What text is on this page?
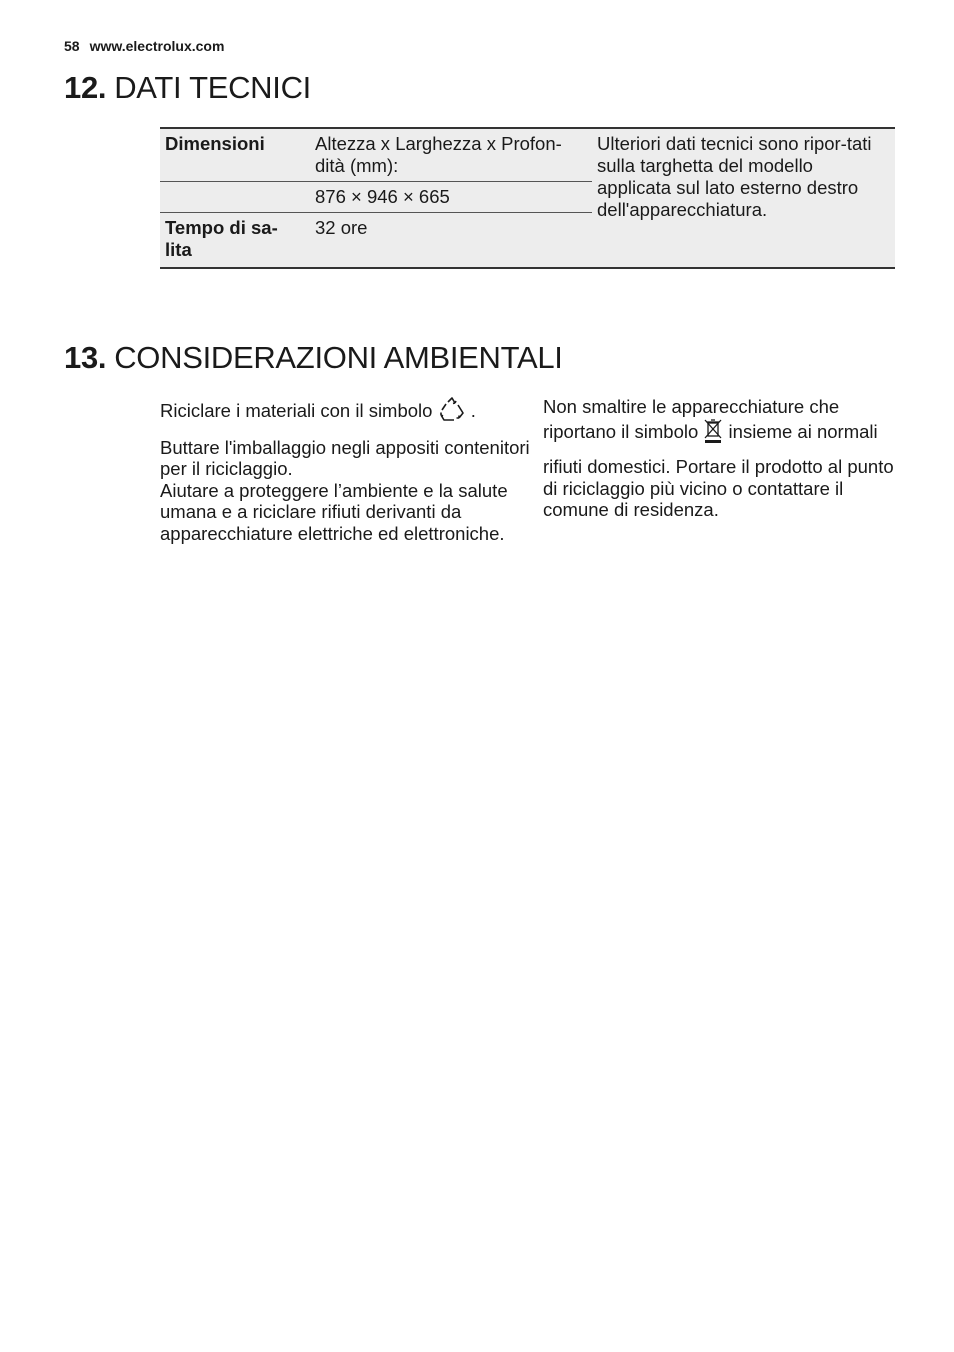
58 www.electrolux.com
12. DATI TECNICI
Dimensioni	Altezza x Larghezza x Profon-dità (mm):	Ulteriori dati tecnici sono ripor-tati sulla targhetta del modello applicata sul lato esterno destro dell'apparecchiatura.
	876 × 946 × 665	
Tempo di sa-lita	32 ore	
13. CONSIDERAZIONI AMBIENTALI

Riciclare i materiali con il simbolo .

Buttare l'imballaggio negli appositi contenitori per il riciclaggio.

Aiutare a proteggere l’ambiente e la salute umana e a riciclare rifiuti derivanti da apparecchiature elettriche ed elettroniche.

Non smaltire le apparecchiature che riportano il simbolo insieme ai normali

rifiuti domestici. Portare il prodotto al punto di riciclaggio più vicino o contattare il comune di residenza.
